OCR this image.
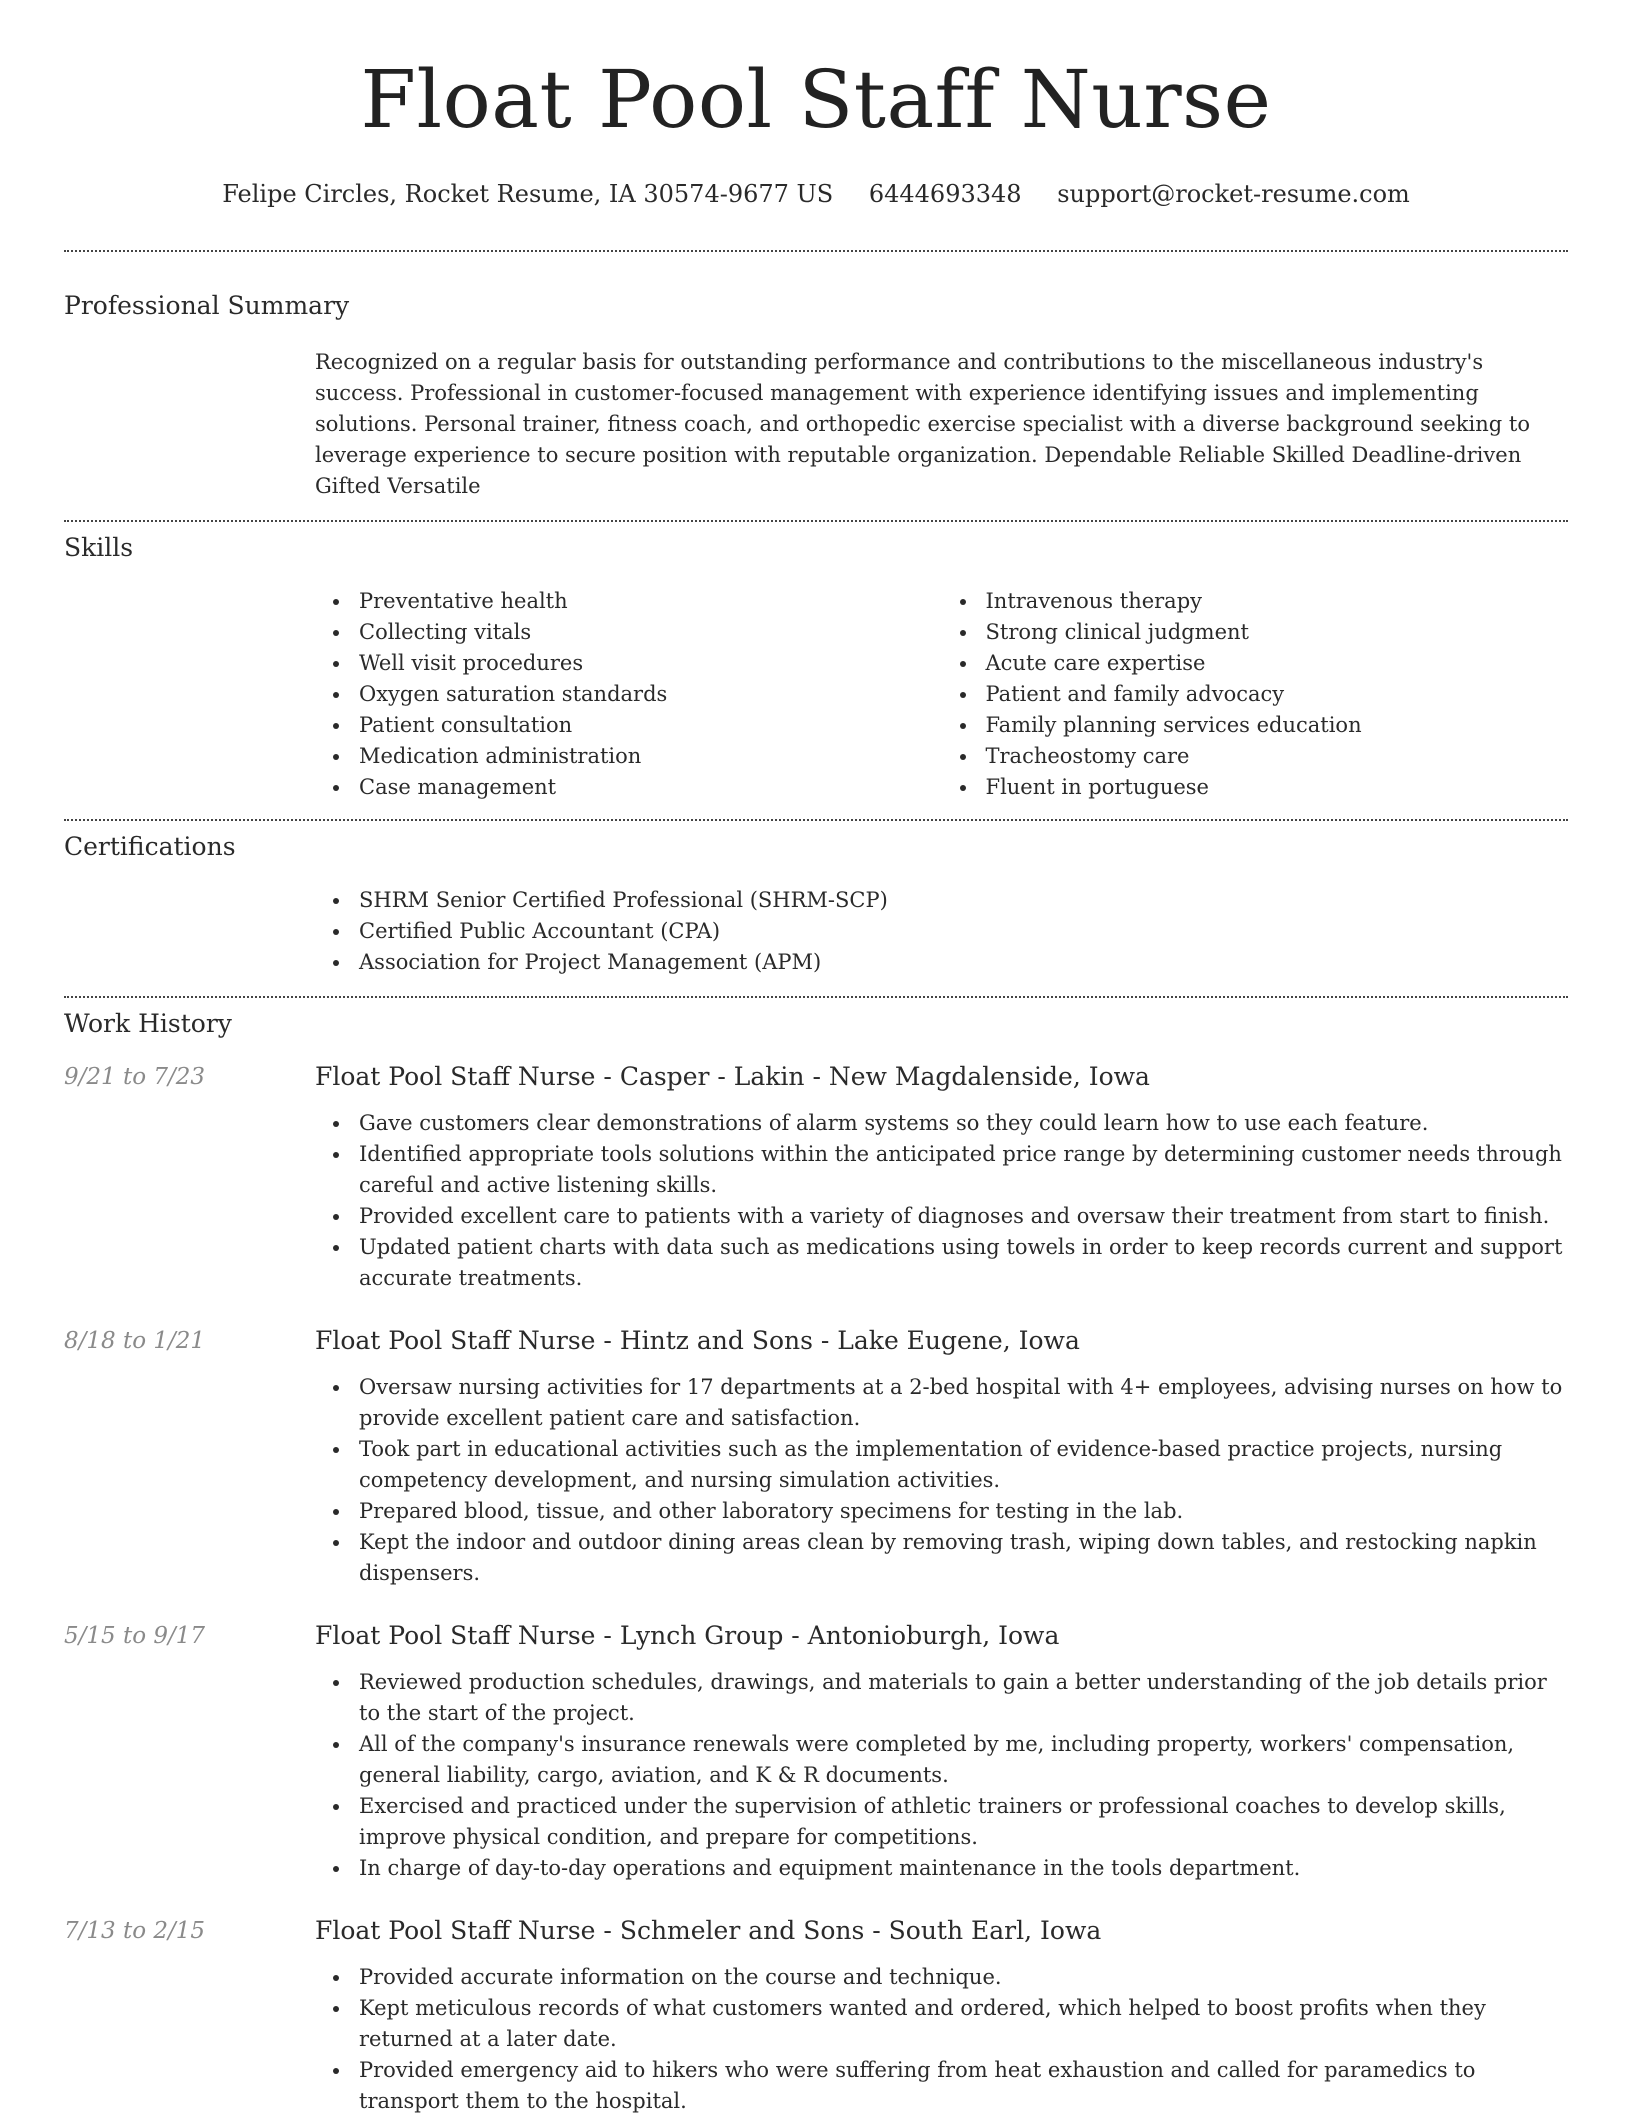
Float Pool Staff Nurse
Felipe Circles, Rocket Resume, IA 30574-9677 US 6444693348 support@rocket-resume.com
Professional Summary
Recognized on a regular basis for outstanding performance and contributions to the miscellaneous industry's success. Professional in customer-focused management with experience identifying issues and implementing solutions. Personal trainer, fitness coach, and orthopedic exercise specialist with a diverse background seeking to leverage experience to secure position with reputable organization. Dependable Reliable Skilled Deadline-driven Gifted Versatile
Skills
Preventative health
Collecting vitals
Well visit procedures
Oxygen saturation standards
Patient consultation
Medication administration
Case management
Intravenous therapy
Strong clinical judgment
Acute care expertise
Patient and family advocacy
Family planning services education
Tracheostomy care
Fluent in portuguese
Certifications
SHRM Senior Certified Professional (SHRM-SCP)
Certified Public Accountant (CPA)
Association for Project Management (APM)
Work History
9/21 to 7/23	Float Pool Staff Nurse - Casper - Lakin - New Magdalenside, Iowa
Gave customers clear demonstrations of alarm systems so they could learn how to use each feature.
Identified appropriate tools solutions within the anticipated price range by determining customer needs through careful and active listening skills.
Provided excellent care to patients with a variety of diagnoses and oversaw their treatment from start to finish.
Updated patient charts with data such as medications using towels in order to keep records current and support accurate treatments.
8/18 to 1/21	Float Pool Staff Nurse - Hintz and Sons - Lake Eugene, Iowa
Oversaw nursing activities for 17 departments at a 2-bed hospital with 4+ employees, advising nurses on how to provide excellent patient care and satisfaction.
Took part in educational activities such as the implementation of evidence-based practice projects, nursing competency development, and nursing simulation activities.
Prepared blood, tissue, and other laboratory specimens for testing in the lab.
Kept the indoor and outdoor dining areas clean by removing trash, wiping down tables, and restocking napkin dispensers.
5/15 to 9/17	Float Pool Staff Nurse - Lynch Group - Antonioburgh, Iowa
Reviewed production schedules, drawings, and materials to gain a better understanding of the job details prior to the start of the project.
All of the company's insurance renewals were completed by me, including property, workers' compensation, general liability, cargo, aviation, and K & R documents.
Exercised and practiced under the supervision of athletic trainers or professional coaches to develop skills, improve physical condition, and prepare for competitions.
In charge of day-to-day operations and equipment maintenance in the tools department.
7/13 to 2/15	Float Pool Staff Nurse - Schmeler and Sons - South Earl, Iowa
Provided accurate information on the course and technique.
Kept meticulous records of what customers wanted and ordered, which helped to boost profits when they returned at a later date.
Provided emergency aid to hikers who were suffering from heat exhaustion and called for paramedics to transport them to the hospital.
